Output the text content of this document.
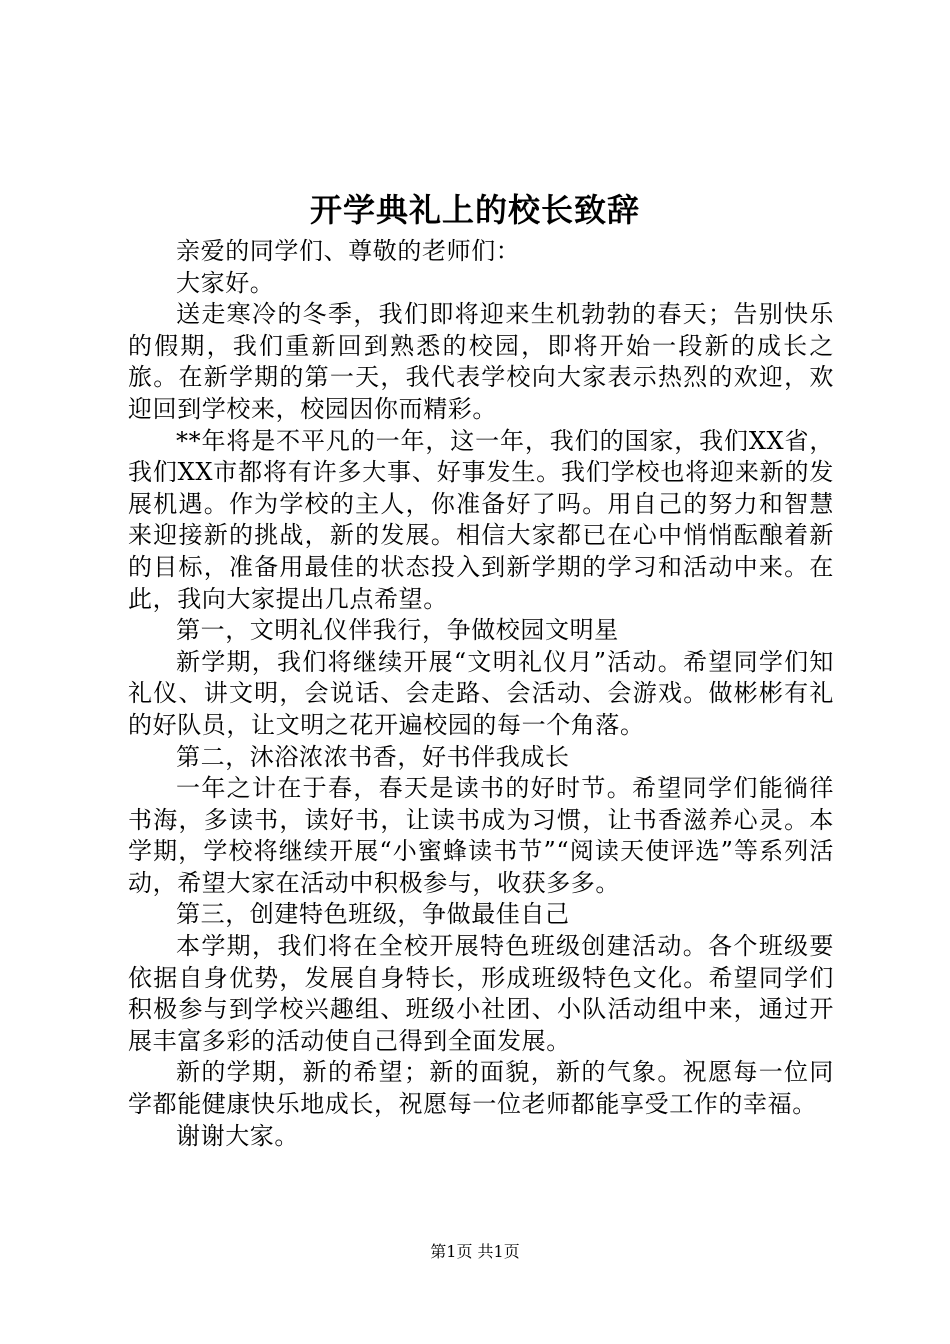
开学典礼上的校长致辞

亲爱的同学们、尊敬的老师们：

大家好。

送走寒冷的冬季，我们即将迎来生机勃勃的春天；告别快乐的假期，我们重新回到熟悉的校园，即将开始一段新的成长之旅。在新学期的第一天，我代表学校向大家表示热烈的欢迎，欢迎回到学校来，校园因你而精彩。

**年将是不平凡的一年，这一年，我们的国家，我们XX省，我们XX市都将有许多大事、好事发生。我们学校也将迎来新的发展机遇。作为学校的主人，你准备好了吗。用自己的努力和智慧来迎接新的挑战，新的发展。相信大家都已在心中悄悄酝酿着新的目标，准备用最佳的状态投入到新学期的学习和活动中来。在此，我向大家提出几点希望。

第一，文明礼仪伴我行，争做校园文明星

新学期，我们将继续开展“文明礼仪月”活动。希望同学们知礼仪、讲文明，会说话、会走路、会活动、会游戏。做彬彬有礼的好队员，让文明之花开遍校园的每一个角落。

第二，沐浴浓浓书香，好书伴我成长

一年之计在于春，春天是读书的好时节。希望同学们能徜徉书海，多读书，读好书，让读书成为习惯，让书香滋养心灵。本学期，学校将继续开展“小蜜蜂读书节”“阅读天使评选”等系列活动，希望大家在活动中积极参与，收获多多。

第三，创建特色班级，争做最佳自己

本学期，我们将在全校开展特色班级创建活动。各个班级要依据自身优势，发展自身特长，形成班级特色文化。希望同学们积极参与到学校兴趣组、班级小社团、小队活动组中来，通过开展丰富多彩的活动使自己得到全面发展。

新的学期，新的希望；新的面貌，新的气象。祝愿每一位同学都能健康快乐地成长，祝愿每一位老师都能享受工作的幸福。

谢谢大家。

第1页 共1页
